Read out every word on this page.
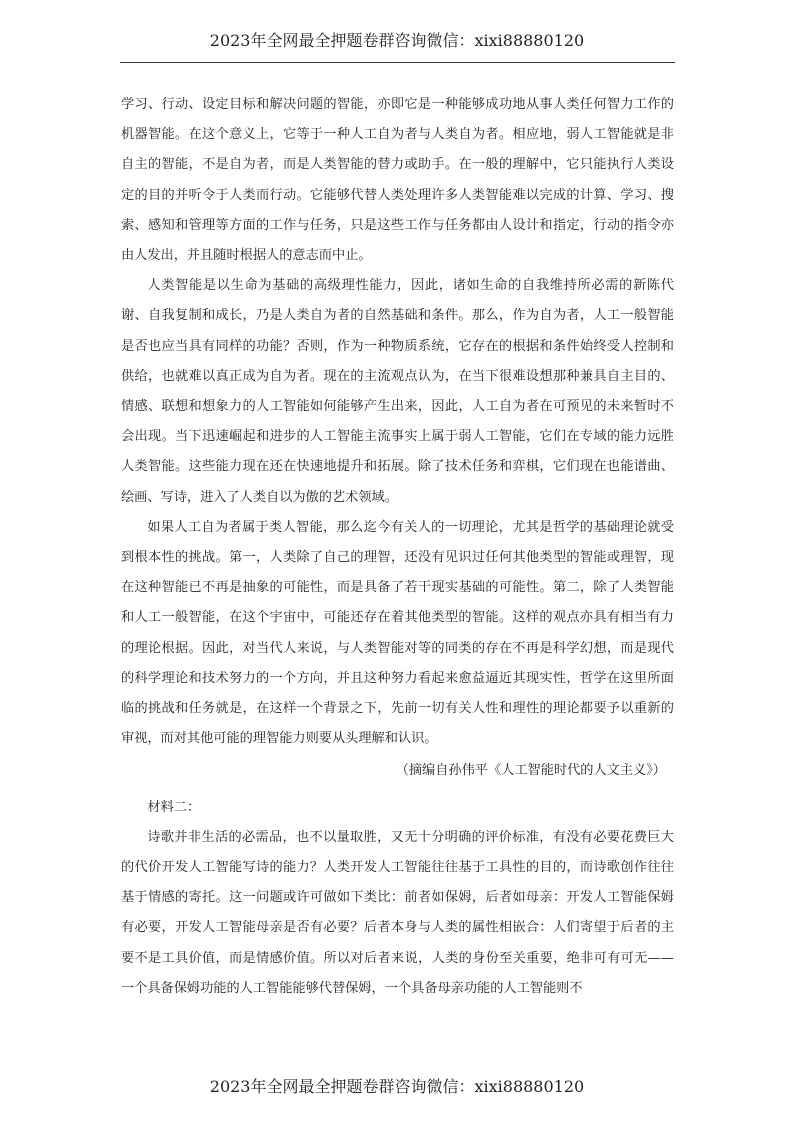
2023年全网最全押题卷群咨询微信：xixi88880120

学习、行动、设定目标和解决问题的智能，亦即它是一种能够成功地从事人类任何智力工作的机器智能。在这个意义上，它等于一种人工自为者与人类自为者。相应地，弱人工智能就是非自主的智能，不是自为者，而是人类智能的替力或助手。在一般的理解中，它只能执行人类设定的目的并听令于人类而行动。它能够代替人类处理许多人类智能难以完成的计算、学习、搜索、感知和管理等方面的工作与任务，只是这些工作与任务都由人设计和指定，行动的指令亦由人发出，并且随时根据人的意志而中止。

人类智能是以生命为基础的高级理性能力，因此，诸如生命的自我维持所必需的新陈代谢、自我复制和成长，乃是人类自为者的自然基础和条件。那么，作为自为者，人工一般智能是否也应当具有同样的功能？否则，作为一种物质系统，它存在的根据和条件始终受人控制和供给，也就难以真正成为自为者。现在的主流观点认为，在当下很难设想那种兼具自主目的、情感、联想和想象力的人工智能如何能够产生出来，因此，人工自为者在可预见的未来暂时不会出现。当下迅速崛起和进步的人工智能主流事实上属于弱人工智能，它们在专域的能力远胜人类智能。这些能力现在还在快速地提升和拓展。除了技术任务和弈棋，它们现在也能谱曲、绘画、写诗，进入了人类自以为傲的艺术领域。

如果人工自为者属于类人智能，那么迄今有关人的一切理论，尤其是哲学的基础理论就受到根本性的挑战。第一，人类除了自己的理智，还没有见识过任何其他类型的智能或理智，现在这种智能已不再是抽象的可能性，而是具备了若干现实基础的可能性。第二，除了人类智能和人工一般智能，在这个宇宙中，可能还存在着其他类型的智能。这样的观点亦具有相当有力的理论根据。因此，对当代人来说，与人类智能对等的同类的存在不再是科学幻想，而是现代的科学理论和技术努力的一个方向，并且这种努力看起来愈益逼近其现实性，哲学在这里所面临的挑战和任务就是，在这样一个背景之下，先前一切有关人性和理性的理论都要予以重新的审视，而对其他可能的理智能力则要从头理解和认识。

（摘编自孙伟平《人工智能时代的人文主义》）

材料二：

诗歌并非生活的必需品，也不以量取胜，又无十分明确的评价标准，有没有必要花费巨大的代价开发人工智能写诗的能力？人类开发人工智能往往基于工具性的目的，而诗歌创作往往基于情感的寄托。这一问题或许可做如下类比：前者如保姆，后者如母亲：开发人工智能保姆有必要，开发人工智能母亲是否有必要？后者本身与人类的属性相嵌合：人们寄望于后者的主要不是工具价值，而是情感价值。所以对后者来说，人类的身份至关重要，绝非可有可无——一个具备保姆功能的人工智能能够代替保姆，一个具备母亲功能的人工智能则不

2023年全网最全押题卷群咨询微信：xixi88880120
